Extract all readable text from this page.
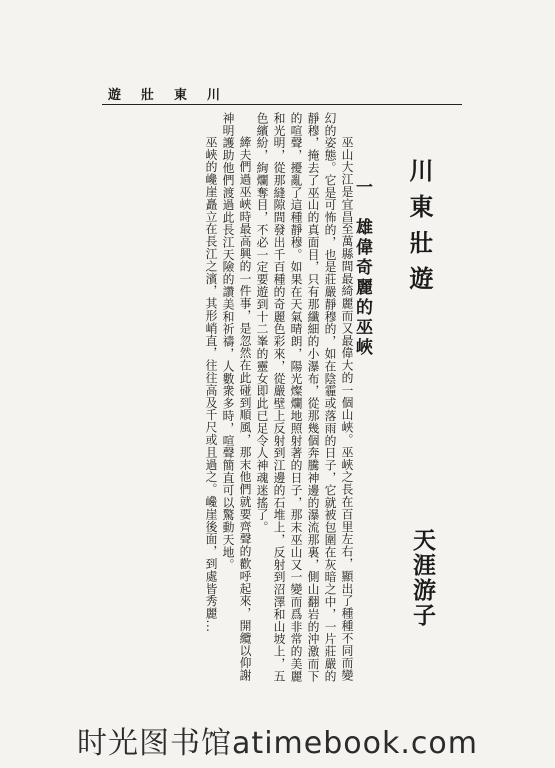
遊 壯 東 川
川東壯遊
天涯游子
一　雄偉奇麗的巫峽

巫山大江是宜昌至萬縣間最綺麗而又最偉大的一個山峽。巫峽之長在百里左右，顯出了種種不同而變幻的姿態。它是可怖的，也是莊嚴靜穆的，如在陰霾或落雨的日子，它就被包圍在灰暗之中，一片莊嚴的靜穆，掩去了巫山的真面目，只有那纖細的小瀑布，從那幾個奔騰神邊的瀑流那裏，側山翻岩的沖激而下的喧聲，擾亂了這種靜穆。如果在天氣晴朗，陽光燦爛地照射著的日子，那末巫山又一變而爲非常的美麗和光明，從那縫隙間發出千百種的奇麗色彩來，從嚴壁上反射到江邊的石堆上，反射到沼澤和山坡上，五色繽紛，絢爛奪目，不必一定要遊到十二峯的靈女即此已足令人神魂迷搖了。

縴夫們過巫峽時最高興的一件事，是忽然在此碰到順風，那末他們就要齊聲的歡呼起來，開纜以仰謝神明護助他們渡過此長江天險的讚美和祈禱，人數衆多時，喧聲簡直可以驚動天地。

巫峽的巉崖矗立在長江之濱，其形峭直，往往高及千尺或且過之。巉崖後面，到處皆秀麗...

时光图书馆atimebook.com
